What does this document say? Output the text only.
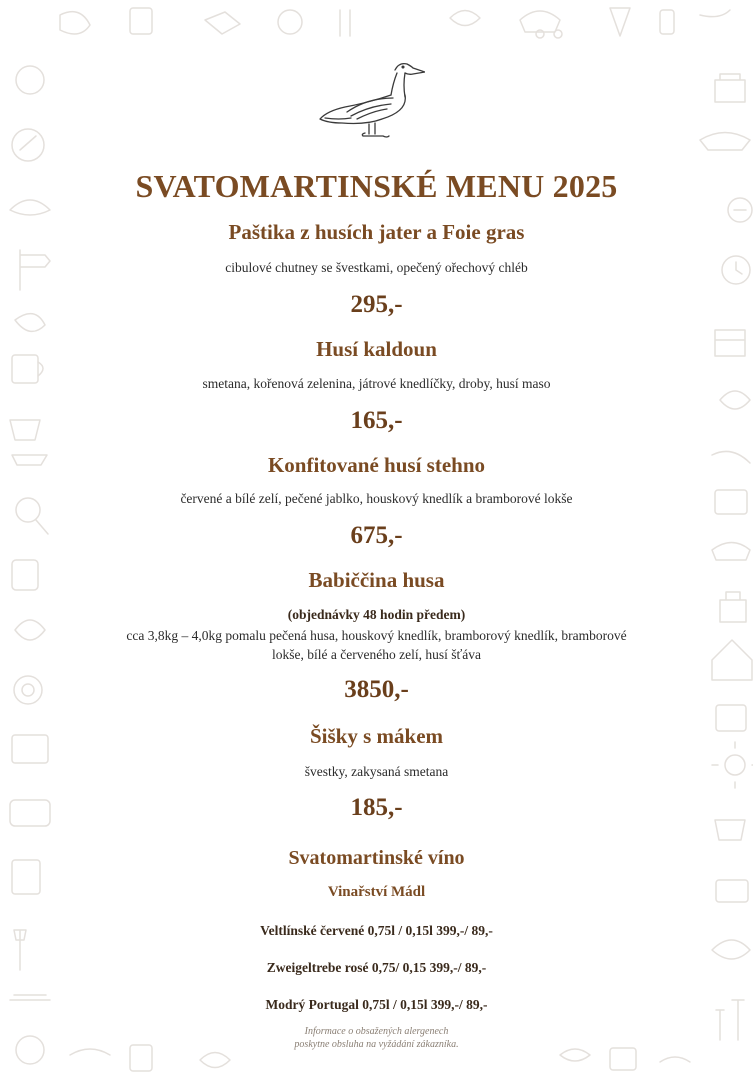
SVATOMARTINSKÉ MENU 2025
Paštika z husích jater a Foie gras
cibulové chutney se švestkami, opečený ořechový chléb
295,-
Husí kaldoun
smetana, kořenová zelenina, játrové knedlíčky, droby, husí maso
165,-
Konfitované husí stehno
červené a bílé zelí, pečené jablko, houskový knedlík a bramborové lokše
675,-
Babiččina husa
(objednávky 48 hodin předem)
cca 3,8kg – 4,0kg pomalu pečená husa, houskový knedlík, bramborový knedlík, bramborové
lokše, bílé a červeného zelí, husí šťáva
3850,-
Šišky s mákem
švestky, zakysaná smetana
185,-
Svatomartinské víno
Vinařství Mádl
Veltlínské červené 0,75l / 0,15l 399,-/ 89,-
Zweigeltrebe rosé 0,75/ 0,15 399,-/ 89,-
Modrý Portugal 0,75l / 0,15l 399,-/ 89,-
Informace o obsažených alergenech
poskytne obsluha na vyžádání zákazníka.
